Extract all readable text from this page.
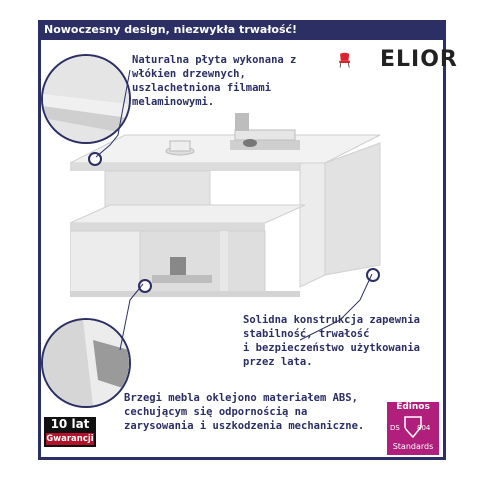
Nowoczesny design, niezwykła trwałość!
Naturalna płyta wykonana z
włókien drzewnych,
uszlachetniona filmami
melaminowymi.
Solidna konstrukcja zapewnia
stabilność, trwałość
i bezpieczeństwo użytkowania
przez lata.
Brzegi mebla oklejono materiałem ABS,
cechującym się odpornością na
zarysowania i uszkodzenia mechaniczne.
ELIOR
10 lat
Gwarancji
Edinos
DS 804
Standards
